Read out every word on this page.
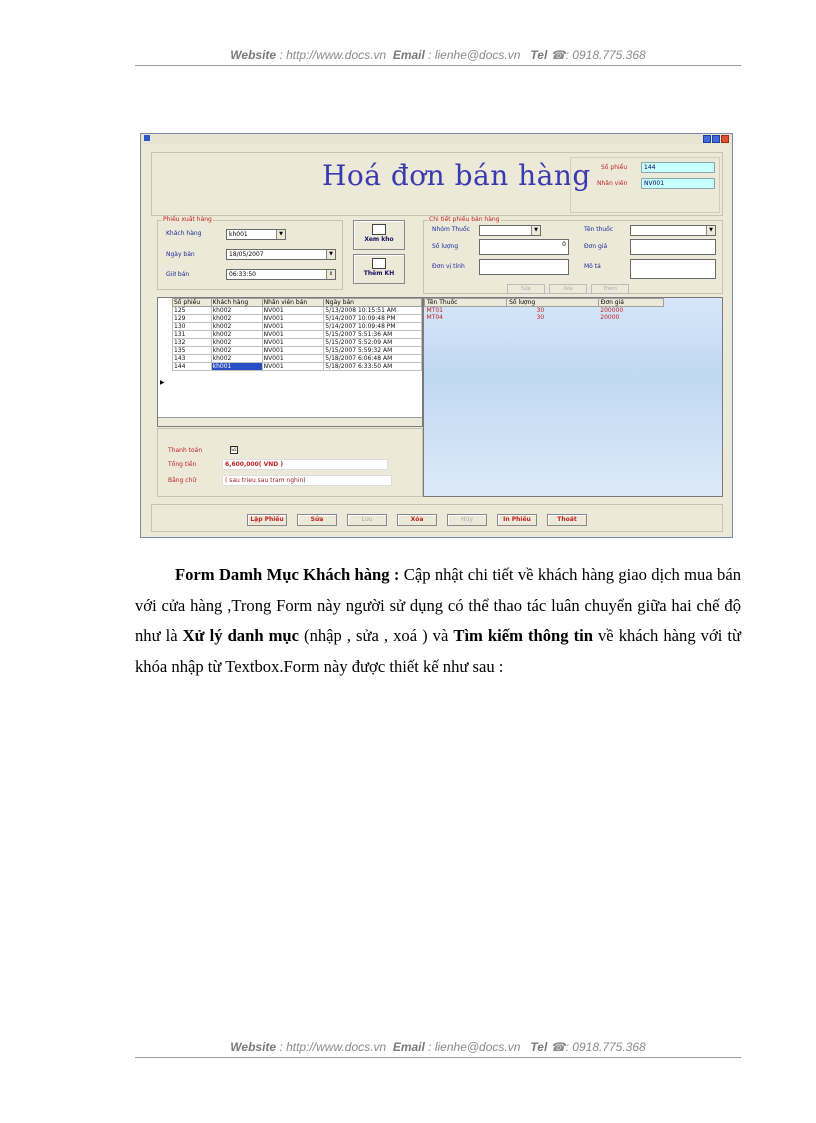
Website : http://www.docs.vn Email : lienhe@docs.vn Tel ☎: 0918.775.368
Hoá đơn bán hàng Số phiếu	144
Nhân viên	NV001
Phiếu xuất hàng
Khách hàng	kh001	▼
Ngày bán	18/05/2007	▼
Giờ bán	06:33:50	⇕
Xem kho
Thêm KH
Chi tiết phiếu bán hàng
Nhóm Thuốc	▼
Số lượng	0
Đơn vị tính
Tên thuốc	▼
Đơn giá
Mô tả
Sửa	Xóa	Thêm
Số phiếu	Khách hàng	Nhân viên bán	Ngày bán
125	kh002	NV001	5/13/2008 10:15:51 AM
129	kh002	NV001	5/14/2007 10:09:48 PM
130	kh002	NV001	5/14/2007 10:09:48 PM
131	kh002	NV001	5/15/2007 5:51:36 AM
132	kh002	NV001	5/15/2007 5:52:09 AM
135	kh002	NV001	5/15/2007 5:59:32 AM
143	kh002	NV001	5/18/2007 6:06:48 AM
144	kh001	NV001	5/18/2007 6:33:50 AM
▶
Tên Thuốc	Số lượng	Đơn giá
MT01	30	200000
MT04	30	20000
Thanh toán	☑
Tổng tiền	6,600,000( VND )
Bằng chữ	( sau trieu sau tram nghin)
Lập Phiếu	Sửa	Lưu	Xóa	Hủy	In Phiếu	Thoát
Form Damh Mục Khách hàng : Cập nhật chi tiết về khách hàng giao dịch mua bán với cửa hàng ,Trong Form này người sử dụng có thể thao tác luân chuyển giữa hai chế độ như là Xử lý danh mục (nhập , sửa , xoá ) và Tìm kiếm thông tin về khách hàng với từ khóa nhập từ Textbox.Form này được thiết kế như sau :
Website : http://www.docs.vn Email : lienhe@docs.vn Tel ☎: 0918.775.368
